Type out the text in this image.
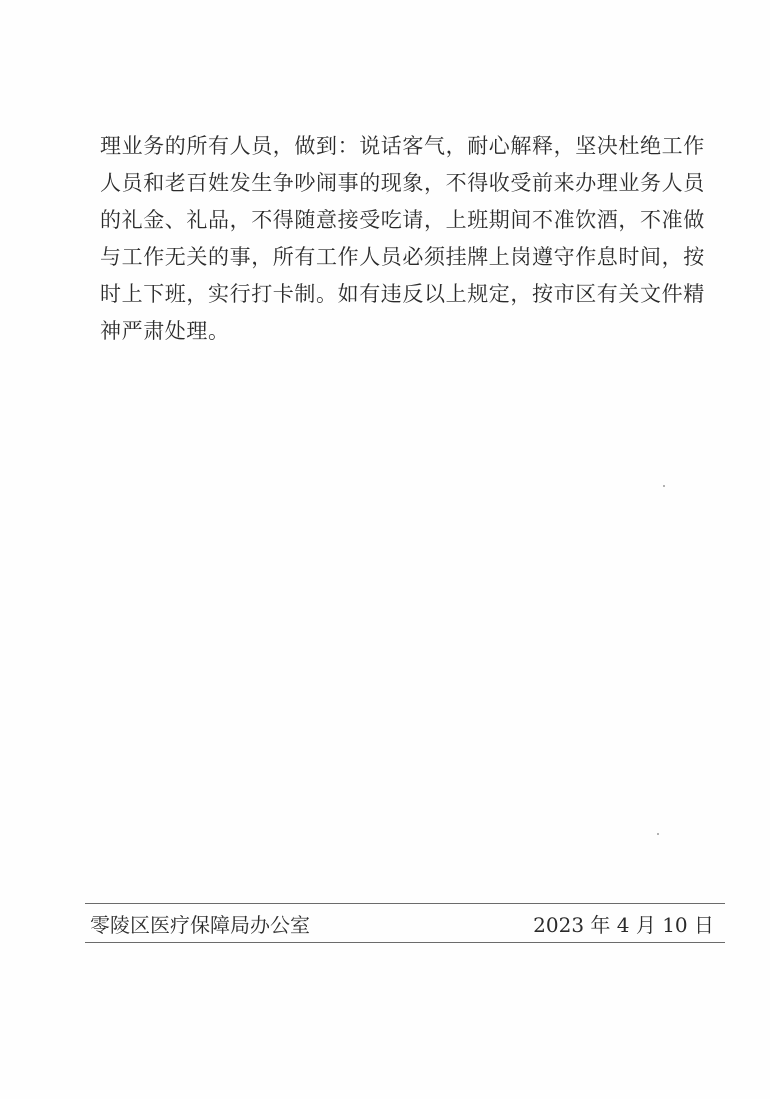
理业务的所有人员，做到：说话客气，耐心解释，坚决杜绝工作
人员和老百姓发生争吵闹事的现象，不得收受前来办理业务人员
的礼金、礼品，不得随意接受吃请，上班期间不准饮酒，不准做
与工作无关的事，所有工作人员必须挂牌上岗遵守作息时间，按
时上下班，实行打卡制。如有违反以上规定，按市区有关文件精
神严肃处理。
零陵区医疗保障局办公室	2023 年 4 月 10 日
